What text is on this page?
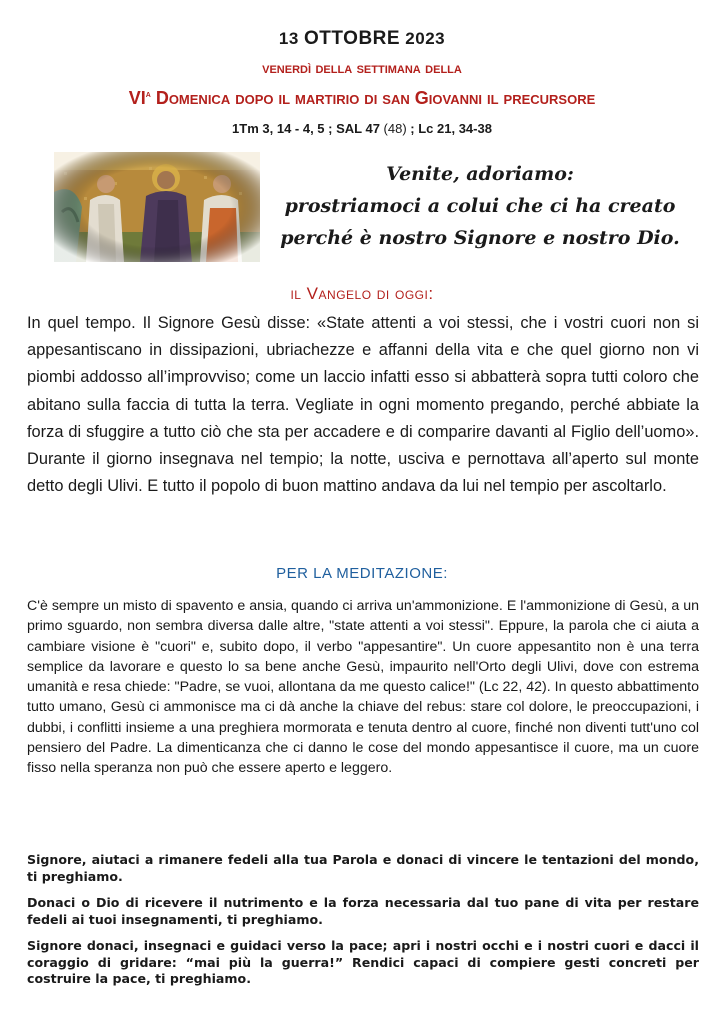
13 OTTOBRE 2023
venerdì della settimana della
$VI^a$ Domenica dopo il martirio di san Giovanni il precursore
1Tm 3, 14 - 4, 5 ; SAL 47 (48) ; Lc 21, 34-38
Venite, adoriamo:
prostriamoci a colui che ci ha creato
perché è nostro Signore e nostro Dio.
il Vangelo di oggi:
In quel tempo. Il Signore Gesù disse: «State attenti a voi stessi, che i vostri cuori non si appesantiscano in dissipazioni, ubriachezze e affanni della vita e che quel giorno non vi piombi addosso all’improvviso; come un laccio infatti esso si abbatterà sopra tutti coloro che abitano sulla faccia di tutta la terra. Vegliate in ogni momento pregando, perché abbiate la forza di sfuggire a tutto ciò che sta per accadere e di comparire davanti al Figlio dell’uomo». Durante il giorno insegnava nel tempio; la notte, usciva e pernottava all’aperto sul monte detto degli Ulivi. E tutto il popolo di buon mattino andava da lui nel tempio per ascoltarlo.
PER LA MEDITAZIONE:
C'è sempre un misto di spavento e ansia, quando ci arriva un'ammonizione. E l'ammonizione di Gesù, a un primo sguardo, non sembra diversa dalle altre, "state attenti a voi stessi". Eppure, la parola che ci aiuta a cambiare visione è "cuori" e, subito dopo, il verbo "appesantire". Un cuore appesantito non è una terra semplice da lavorare e questo lo sa bene anche Gesù, impaurito nell'Orto degli Ulivi, dove con estrema umanità e resa chiede: "Padre, se vuoi, allontana da me questo calice!" (Lc 22, 42). In questo abbattimento tutto umano, Gesù ci ammonisce ma ci dà anche la chiave del rebus: stare col dolore, le preoccupazioni, i dubbi, i conflitti insieme a una preghiera mormorata e tenuta dentro al cuore, finché non diventi tutt'uno col pensiero del Padre. La dimenticanza che ci danno le cose del mondo appesantisce il cuore, ma un cuore fisso nella speranza non può che essere aperto e leggero.

Signore, aiutaci a rimanere fedeli alla tua Parola e donaci di vincere le tentazioni del mondo, ti preghiamo.

Donaci o Dio di ricevere il nutrimento e la forza necessaria dal tuo pane di vita per restare fedeli ai tuoi insegnamenti, ti preghiamo.

Signore donaci, insegnaci e guidaci verso la pace; apri i nostri occhi e i nostri cuori e dacci il coraggio di gridare: “mai più la guerra!” Rendici capaci di compiere gesti concreti per costruire la pace, ti preghiamo.
